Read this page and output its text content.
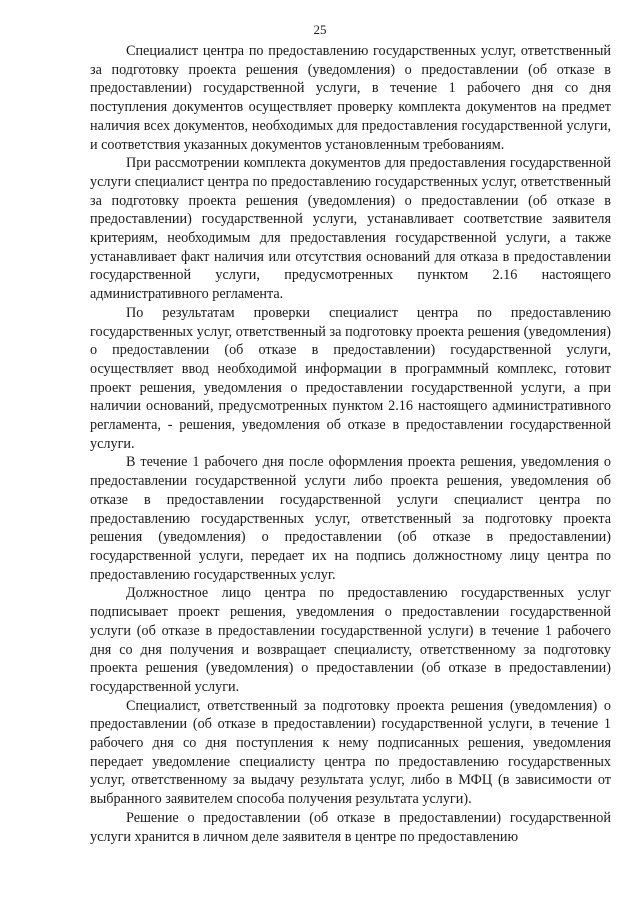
25

Специалист центра по предоставлению государственных услуг, ответственный за подготовку проекта решения (уведомления) о предоставлении (об отказе в предоставлении) государственной услуги, в течение 1 рабочего дня со дня поступления документов осуществляет проверку комплекта документов на предмет наличия всех документов, необходимых для предоставления государственной услуги, и соответствия указанных документов установленным требованиям.

При рассмотрении комплекта документов для предоставления государственной услуги специалист центра по предоставлению государственных услуг, ответственный за подготовку проекта решения (уведомления) о предоставлении (об отказе в предоставлении) государственной услуги, устанавливает соответствие заявителя критериям, необходимым для предоставления государственной услуги, а также устанавливает факт наличия или отсутствия оснований для отказа в предоставлении государственной услуги, предусмотренных пунктом 2.16 настоящего административного регламента.

По результатам проверки специалист центра по предоставлению государственных услуг, ответственный за подготовку проекта решения (уведомления) о предоставлении (об отказе в предоставлении) государственной услуги, осуществляет ввод необходимой информации в программный комплекс, готовит проект решения, уведомления о предоставлении государственной услуги, а при наличии оснований, предусмотренных пунктом 2.16 настоящего административного регламента, - решения, уведомления об отказе в предоставлении государственной услуги.

В течение 1 рабочего дня после оформления проекта решения, уведомления о предоставлении государственной услуги либо проекта решения, уведомления об отказе в предоставлении государственной услуги специалист центра по предоставлению государственных услуг, ответственный за подготовку проекта решения (уведомления) о предоставлении (об отказе в предоставлении) государственной услуги, передает их на подпись должностному лицу центра по предоставлению государственных услуг.

Должностное лицо центра по предоставлению государственных услуг подписывает проект решения, уведомления о предоставлении государственной услуги (об отказе в предоставлении государственной услуги) в течение 1 рабочего дня со дня получения и возвращает специалисту, ответственному за подготовку проекта решения (уведомления) о предоставлении (об отказе в предоставлении) государственной услуги.

Специалист, ответственный за подготовку проекта решения (уведомления) о предоставлении (об отказе в предоставлении) государственной услуги, в течение 1 рабочего дня со дня поступления к нему подписанных решения, уведомления передает уведомление специалисту центра по предоставлению государственных услуг, ответственному за выдачу результата услуг, либо в МФЦ (в зависимости от выбранного заявителем способа получения результата услуги).

Решение о предоставлении (об отказе в предоставлении) государственной услуги хранится в личном деле заявителя в центре по предоставлению
